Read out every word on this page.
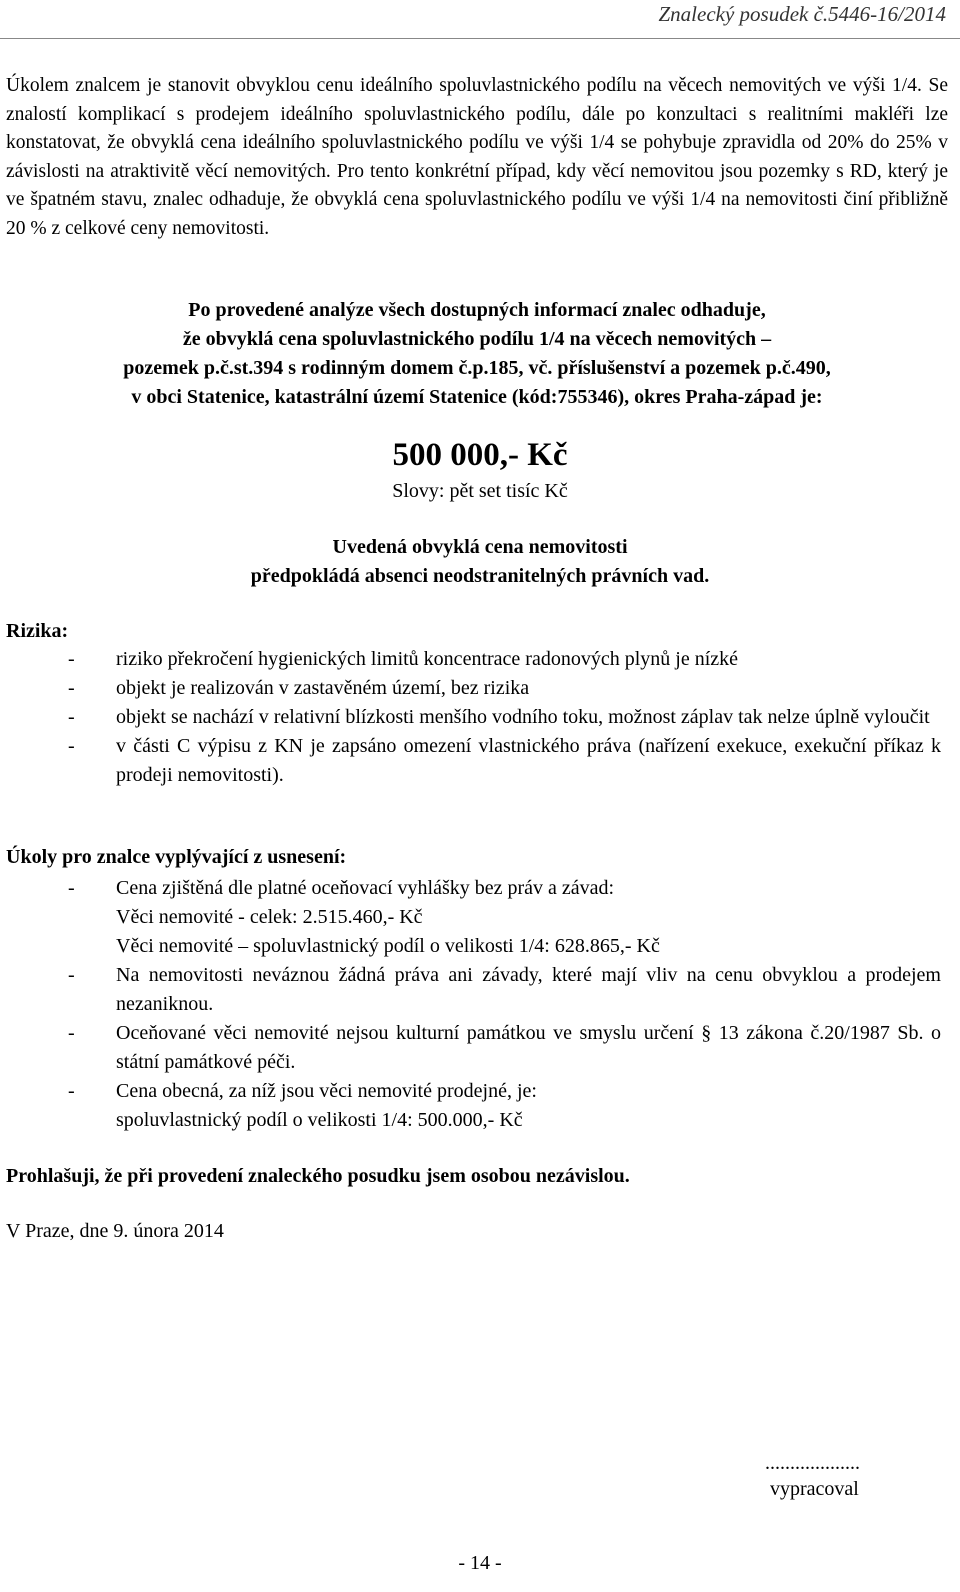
Znalecký posudek č.5446-16/2014
Úkolem znalcem je stanovit obvyklou cenu ideálního spoluvlastnického podílu na věcech nemovitých ve výši 1/4. Se znalostí komplikací s prodejem ideálního spoluvlastnického podílu, dále po konzultaci s realitními makléři lze konstatovat, že obvyklá cena ideálního spoluvlastnického podílu ve výši 1/4 se pohybuje zpravidla od 20% do 25% v závislosti na atraktivitě věcí nemovitých. Pro tento konkrétní případ, kdy věcí nemovitou jsou pozemky s RD, který je ve špatném stavu, znalec odhaduje, že obvyklá cena spoluvlastnického podílu ve výši 1/4 na nemovitosti činí přibližně 20 % z celkové ceny nemovitosti.

Po provedené analýze všech dostupných informací znalec odhaduje,

že obvyklá cena spoluvlastnického podílu 1/4 na věcech nemovitých –

pozemek p.č.st.394 s rodinným domem č.p.185, vč. příslušenství a pozemek p.č.490,

v obci Statenice, katastrální území Statenice (kód:755346), okres Praha-západ je:

500 000,- Kč
Slovy: pět set tisíc Kč

Uvedená obvyklá cena nemovitosti

předpokládá absenci neodstranitelných právních vad.

Rizika:
- riziko překročení hygienických limitů koncentrace radonových plynů je nízké
- objekt je realizován v zastavěném území, bez rizika
- objekt se nachází v relativní blízkosti menšího vodního toku, možnost záplav tak nelze úplně vyloučit
- v části C výpisu z KN je zapsáno omezení vlastnického práva (nařízení exekuce, exekuční příkaz k prodeji nemovitosti).
Úkoly pro znalce vyplývající z usnesení:
- Cena zjištěná dle platné oceňovací vyhlášky bez práv a závad:
Věci nemovité - celek: 2.515.460,- Kč
Věci nemovité – spoluvlastnický podíl o velikosti 1/4: 628.865,- Kč
- Na nemovitosti neváznou žádná práva ani závady, které mají vliv na cenu obvyklou a prodejem nezaniknou.
- Oceňované věci nemovité nejsou kulturní památkou ve smyslu určení § 13 zákona č.20/1987 Sb. o státní památkové péči.
- Cena obecná, za níž jsou věci nemovité prodejné, je:
spoluvlastnický podíl o velikosti 1/4: 500.000,- Kč
Prohlašuji, že při provedení znaleckého posudku jsem osobou nezávislou.
V Praze, dne 9. února 2014
...................
vypracoval
- 14 -
